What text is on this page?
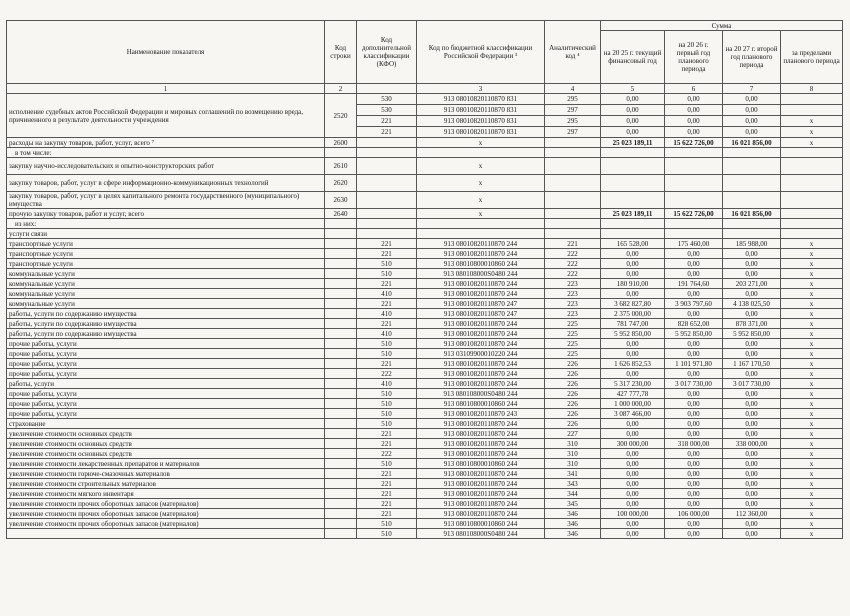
Наименование показателя	Код строки	Код дополнительной классификации (КФО)	Код по бюджетной классификации Российской Федерации ³	Аналитический код ⁴	Сумма			
					на 20 25 г. текущий финансовый год	на 20 26 г. первый год планового периода	на 20 27 г. второй год планового периода	за пределами планового периода
1	2		3	4	5	6	7	8
исполнение судебных актов Российской Федерации и мировых соглашений по возмещению вреда, причиненного в результате деятельности учреждения	2520	530	913 08010820110870 831	295	0,00	0,00	0,00	
		530	913 08010820110870 831	297	0,00	0,00	0,00	
		221	913 08010820110870 831	295	0,00	0,00	0,00	х
		221	913 08010820110870 831	297	0,00	0,00	0,00	х
расходы на закупку товаров, работ, услуг, всего ⁷	2600		х		25 023 189,11	15 622 726,00	16 021 856,00	х
в том числе:								
закупку научно-исследовательских и опытно-конструкторских работ	2610		х					
закупку товаров, работ, услуг в сфере информационно-коммуникационных технологий	2620		х					
закупку товаров, работ, услуг в целях капитального ремонта государственного (муниципального) имущества	2630		х					
прочую закупку товаров, работ и услуг, всего	2640		х		25 023 189,11	15 622 726,00	16 021 856,00	
из них:								
услуги связи								
транспортные услуги		221	913 08010820110870 244	221	165 528,00	175 460,00	185 988,00	х
транспортные услуги		221	913 08010820110870 244	222	0,00	0,00	0,00	х
транспортные услуги		510	913 08010800010860 244	222	0,00	0,00	0,00	х
коммунальные услуги		510	913 080108000S0480 244	222	0,00	0,00	0,00	х
коммунальные услуги		221	913 08010820110870 244	223	180 910,00	191 764,60	203 271,00	х
коммунальные услуги		410	913 08010820110870 244	223	0,00	0,00	0,00	х
коммунальные услуги		221	913 08010820110870 247	223	3 682 827,80	3 903 797,60	4 138 025,50	х
работы, услуги по содержанию имущества		410	913 08010820110870 247	223	2 375 000,00	0,00	0,00	х
работы, услуги по содержанию имущества		221	913 08010820110870 244	225	781 747,00	828 652,00	878 371,00	х
работы, услуги по содержанию имущества		410	913 08010820110870 244	225	5 952 850,00	5 952 850,00	5 952 850,00	х
прочие работы, услуги		510	913 08010820110870 244	225	0,00	0,00	0,00	х
прочие работы, услуги		510	913 03109900010220 244	225	0,00	0,00	0,00	х
прочие работы, услуги		221	913 08010820110870 244	226	1 626 852,53	1 101 971,80	1 167 170,50	х
прочие работы, услуги		222	913 08010820110870 244	226	0,00	0,00	0,00	х
работы, услуги		410	913 08010820110870 244	226	5 317 230,00	3 017 730,00	3 017 730,00	х
прочие работы, услуги		510	913 080108000S0480 244	226	427 777,78	0,00	0,00	х
прочие работы, услуги		510	913 08010800010860 244	226	1 000 000,00	0,00	0,00	х
прочие работы, услуги		510	913 08010820110870 243	226	3 087 466,00	0,00	0,00	х
страхование		510	913 08010820110870 244	226	0,00	0,00	0,00	х
увеличение стоимости основных средств		221	913 08010820110870 244	227	0,00	0,00	0,00	х
увеличение стоимости основных средств		221	913 08010820110870 244	310	300 000,00	318 000,00	338 000,00	х
увеличение стоимости основных средств		222	913 08010820110870 244	310	0,00	0,00	0,00	х
увеличение стоимости лекарственных препаратов и материалов		510	913 08010800010860 244	310	0,00	0,00	0,00	х
увеличение стоимости горюче-смазочных материалов		221	913 08010820110870 244	341	0,00	0,00	0,00	х
увеличение стоимости строительных материалов		221	913 08010820110870 244	343	0,00	0,00	0,00	х
увеличение стоимости мягкого инвентаря		221	913 08010820110870 244	344	0,00	0,00	0,00	х
увеличение стоимости прочих оборотных запасов (материалов)		221	913 08010820110870 244	345	0,00	0,00	0,00	х
увеличение стоимости прочих оборотных запасов (материалов)		221	913 08010820110870 244	346	100 000,00	106 000,00	112 360,00	х
увеличение стоимости прочих оборотных запасов (материалов)		510	913 08010800010860 244	346	0,00	0,00	0,00	х
		510	913 080108000S0480 244	346	0,00	0,00	0,00	х
